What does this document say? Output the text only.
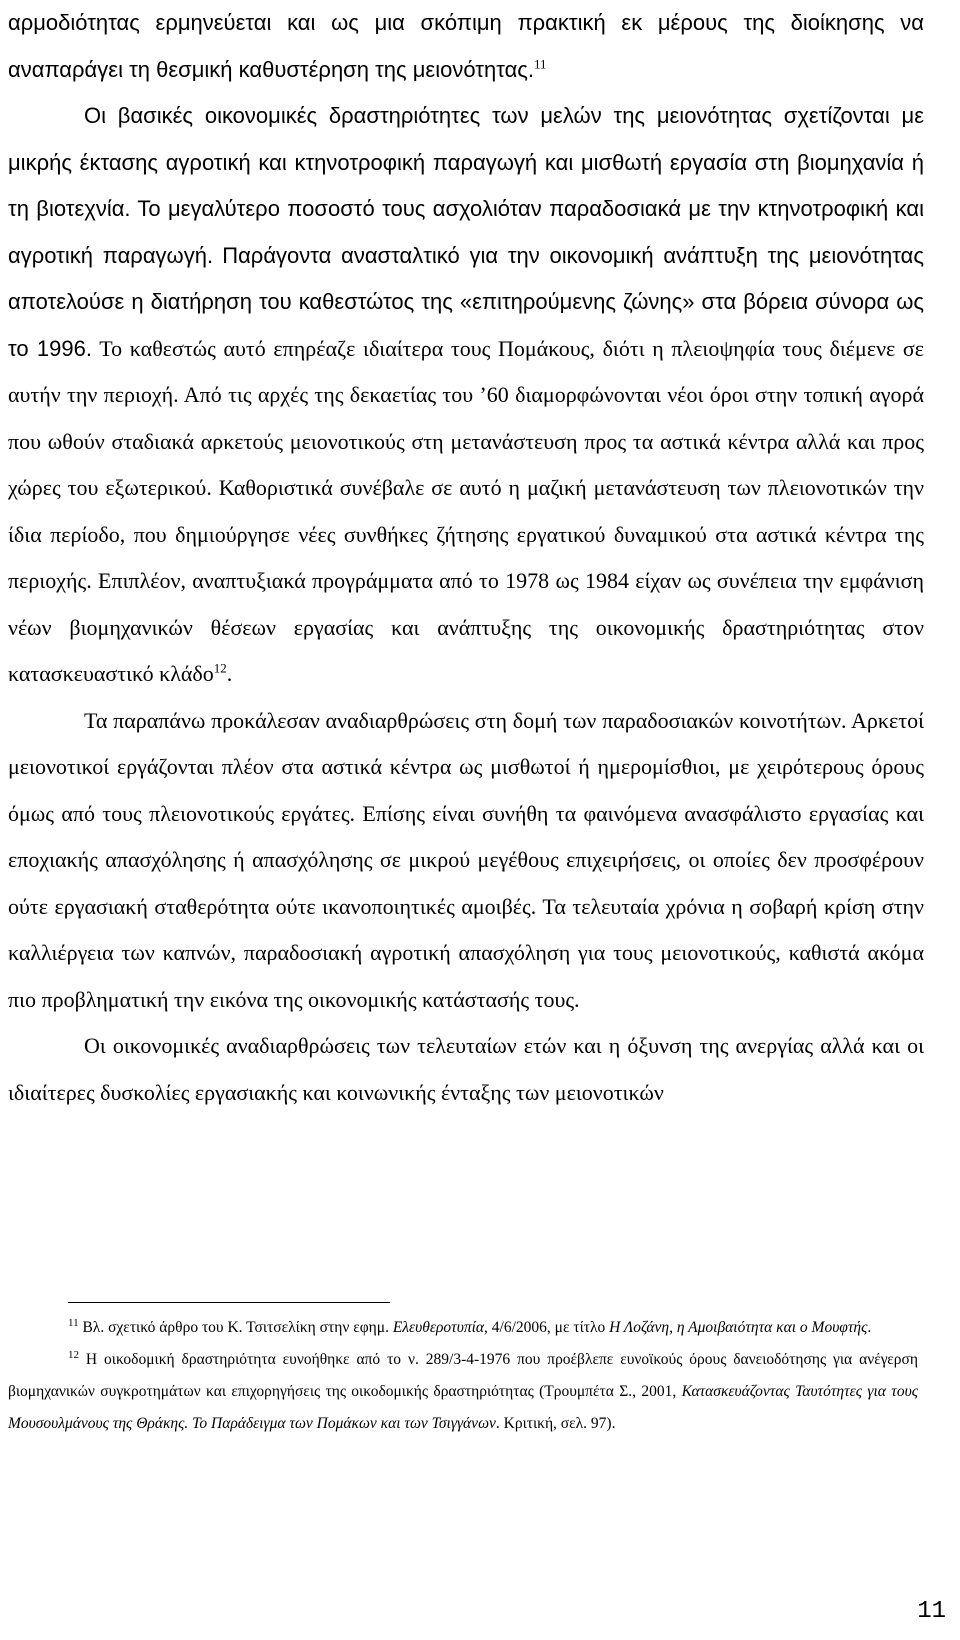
αρμοδιότητας ερμηνεύεται και ως μια σκόπιμη πρακτική εκ μέρους της διοίκησης να αναπαράγει τη θεσμική καθυστέρηση της μειονότητας.$^{11}$

Οι βασικές οικονομικές δραστηριότητες των μελών της μειονότητας σχετίζονται με μικρής έκτασης αγροτική και κτηνοτροφική παραγωγή και μισθωτή εργασία στη βιομηχανία ή τη βιοτεχνία. Το μεγαλύτερο ποσοστό τους ασχολιόταν παραδοσιακά με την κτηνοτροφική και αγροτική παραγωγή. Παράγοντα ανασταλτικό για την οικονομική ανάπτυξη της μειονότητας αποτελούσε η διατήρηση του καθεστώτος της «επιτηρούμενης ζώνης» στα βόρεια σύνορα ως το 1996. Το καθεστώς αυτό επηρέαζε ιδιαίτερα τους Πομάκους, διότι η πλειοψηφία τους διέμενε σε αυτήν την περιοχή. Από τις αρχές της δεκαετίας του ’60 διαμορφώνονται νέοι όροι στην τοπική αγορά που ωθούν σταδιακά αρκετούς μειονοτικούς στη μετανάστευση προς τα αστικά κέντρα αλλά και προς χώρες του εξωτερικού. Καθοριστικά συνέβαλε σε αυτό η μαζική μετανάστευση των πλειονοτικών την ίδια περίοδο, που δημιούργησε νέες συνθήκες ζήτησης εργατικού δυναμικού στα αστικά κέντρα της περιοχής. Επιπλέον, αναπτυξιακά προγράμματα από το 1978 ως 1984 είχαν ως συνέπεια την εμφάνιση νέων βιομηχανικών θέσεων εργασίας και ανάπτυξης της οικονομικής δραστηριότητας στον κατασκευαστικό κλάδο$^{12}$.

Τα παραπάνω προκάλεσαν αναδιαρθρώσεις στη δομή των παραδοσιακών κοινοτήτων. Αρκετοί μειονοτικοί εργάζονται πλέον στα αστικά κέντρα ως μισθωτοί ή ημερομίσθιοι, με χειρότερους όρους όμως από τους πλειονοτικούς εργάτες. Επίσης είναι συνήθη τα φαινόμενα ανασφάλιστο εργασίας και εποχιακής απασχόλησης ή απασχόλησης σε μικρού μεγέθους επιχειρήσεις, οι οποίες δεν προσφέρουν ούτε εργασιακή σταθερότητα ούτε ικανοποιητικές αμοιβές. Τα τελευταία χρόνια η σοβαρή κρίση στην καλλιέργεια των καπνών, παραδοσιακή αγροτική απασχόληση για τους μειονοτικούς, καθιστά ακόμα πιο προβληματική την εικόνα της οικονομικής κατάστασής τους.

Οι οικονομικές αναδιαρθρώσεις των τελευταίων ετών και η όξυνση της ανεργίας αλλά και οι ιδιαίτερες δυσκολίες εργασιακής και κοινωνικής ένταξης των μειονοτικών

$^{11}$ Βλ. σχετικό άρθρο του Κ. Τσιτσελίκη στην εφημ. Ελευθεροτυπία, 4/6/2006, με τίτλο Η Λοζάνη, η Αμοιβαιότητα και ο Μουφτής.

$^{12}$ Η οικοδομική δραστηριότητα ευνοήθηκε από το ν. 289/3-4-1976 που προέβλεπε ευνοϊκούς όρους δανειοδότησης για ανέγερση βιομηχανικών συγκροτημάτων και επιχορηγήσεις της οικοδομικής δραστηριότητας (Τρουμπέτα Σ., 2001, Κατασκευάζοντας Ταυτότητες για τους Μουσουλμάνους της Θράκης. Το Παράδειγμα των Πομάκων και των Τσιγγάνων. Κριτική, σελ. 97).

11
